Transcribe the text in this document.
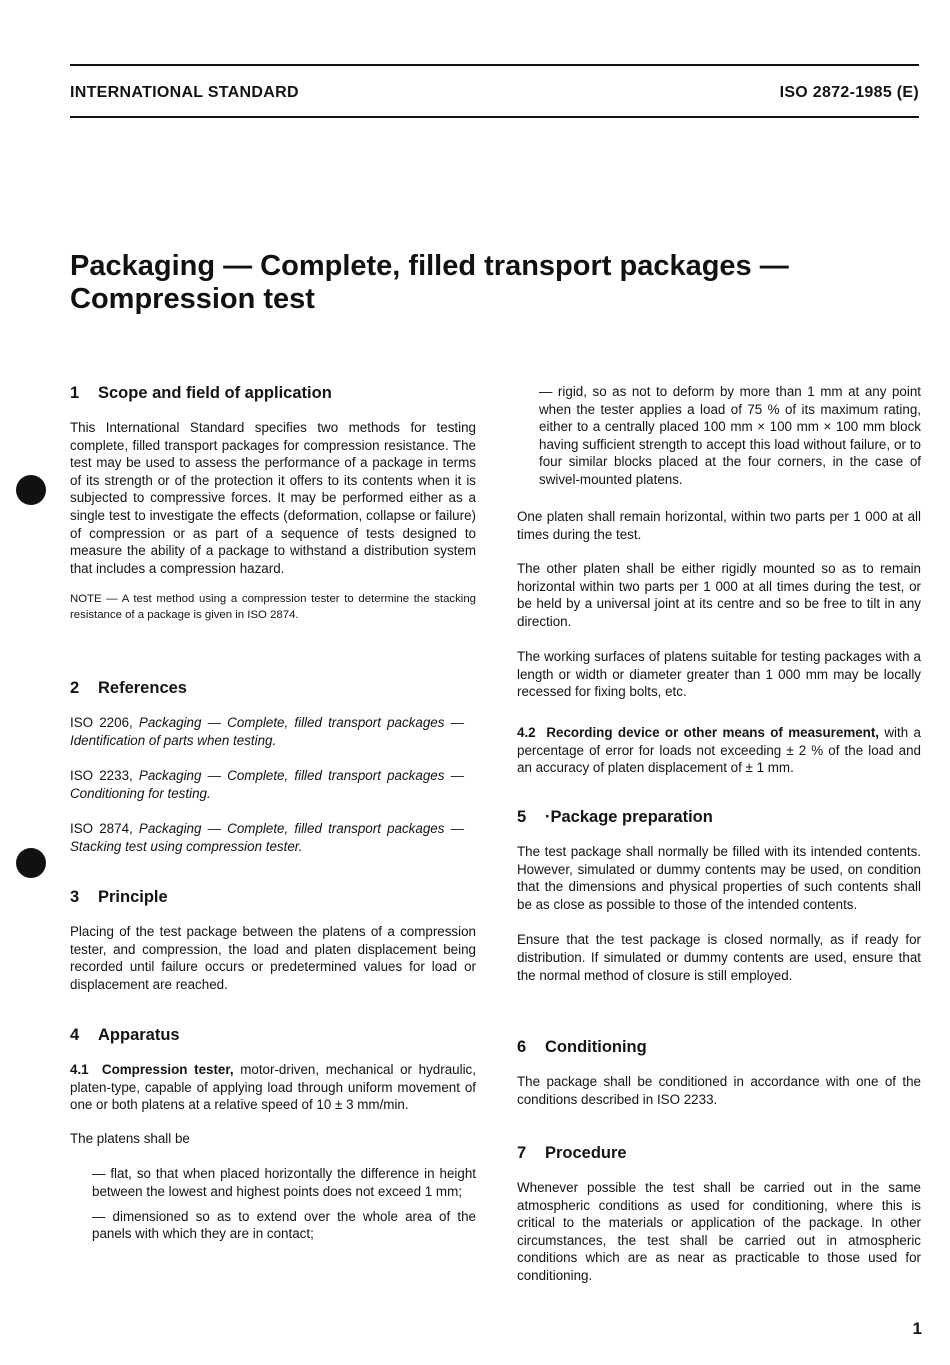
INTERNATIONAL STANDARD	ISO 2872-1985 (E)
Packaging — Complete, filled transport packages —
Compression test
1 Scope and field of application

This International Standard specifies two methods for testing complete, filled transport packages for compression resistance. The test may be used to assess the performance of a package in terms of its strength or of the protection it offers to its contents when it is subjected to compressive forces. It may be performed either as a single test to investigate the effects (deformation, collapse or failure) of compression or as part of a sequence of tests designed to measure the ability of a package to withstand a distribution system that includes a compression hazard.

NOTE — A test method using a compression tester to determine the stacking resistance of a package is given in ISO 2874.

2 References

ISO 2206, Packaging — Complete, filled transport packages — Identification of parts when testing.

ISO 2233, Packaging — Complete, filled transport packages — Conditioning for testing.

ISO 2874, Packaging — Complete, filled transport packages — Stacking test using compression tester.

3 Principle

Placing of the test package between the platens of a compression tester, and compression, the load and platen displacement being recorded until failure occurs or predetermined values for load or displacement are reached.

4 Apparatus

4.1 Compression tester, motor-driven, mechanical or hydraulic, platen-type, capable of applying load through uniform movement of one or both platens at a relative speed of 10 ± 3 mm/min.

The platens shall be

— flat, so that when placed horizontally the difference in height between the lowest and highest points does not exceed 1 mm;

— dimensioned so as to extend over the whole area of the panels with which they are in contact;

— rigid, so as not to deform by more than 1 mm at any point when the tester applies a load of 75 % of its maximum rating, either to a centrally placed 100 mm × 100 mm × 100 mm block having sufficient strength to accept this load without failure, or to four similar blocks placed at the four corners, in the case of swivel-mounted platens.

One platen shall remain horizontal, within two parts per 1 000 at all times during the test.

The other platen shall be either rigidly mounted so as to remain horizontal within two parts per 1 000 at all times during the test, or be held by a universal joint at its centre and so be free to tilt in any direction.

The working surfaces of platens suitable for testing packages with a length or width or diameter greater than 1 000 mm may be locally recessed for fixing bolts, etc.

4.2 Recording device or other means of measurement, with a percentage of error for loads not exceeding ± 2 % of the load and an accuracy of platen displacement of ± 1 mm.

5 ·Package preparation

The test package shall normally be filled with its intended contents. However, simulated or dummy contents may be used, on condition that the dimensions and physical properties of such contents shall be as close as possible to those of the intended contents.

Ensure that the test package is closed normally, as if ready for distribution. If simulated or dummy contents are used, ensure that the normal method of closure is still employed.

6 Conditioning

The package shall be conditioned in accordance with one of the conditions described in ISO 2233.

7 Procedure

Whenever possible the test shall be carried out in the same atmospheric conditions as used for conditioning, where this is critical to the materials or application of the package. In other circumstances, the test shall be carried out in atmospheric conditions which are as near as practicable to those used for conditioning.

1
